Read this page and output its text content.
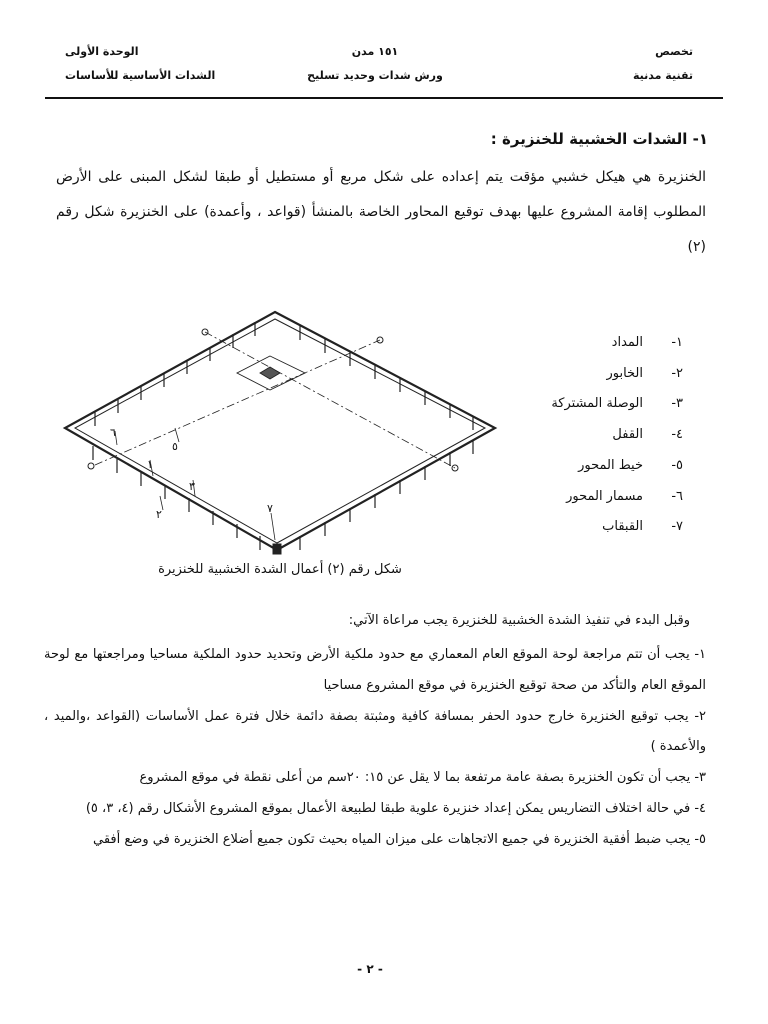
تخصص
تقنية مدنية
١٥١ مدن
ورش شدات وحديد تسليح
الوحدة الأولى
الشدات الأساسية للأساسات
١- الشدات الخشبية للخنزيرة :
الخنزيرة هي هيكل خشبي مؤقت يتم إعداده على شكل مربع أو مستطيل أو طبقا لشكل المبنى على الأرض المطلوب إقامة المشروع عليها بهدف توقيع المحاور الخاصة بالمنشأ (قواعد ، وأعمدة) على الخنزيرة شكل رقم (٢)
١
٢
٣
٥
٦
٧
١-
المداد
٢-
الخابور
٣-
الوصلة المشتركة
٤-
القفل
٥-
خيط المحور
٦-
مسمار المحور
٧-
القبقاب
شكل رقم (٢) أعمال الشدة الخشبية للخنزيرة
وقبل البدء في تنفيذ الشدة الخشبية للخنزيرة يجب مراعاة الآتي:
١- يجب أن تتم مراجعة لوحة الموقع العام المعماري مع حدود ملكية الأرض وتحديد حدود الملكية مساحيا ومراجعتها مع لوحة الموقع العام والتأكد من صحة توقيع الخنزيرة في موقع المشروع مساحيا
٢- يجب توقيع الخنزيرة خارج حدود الحفر بمسافة كافية ومثبتة بصفة دائمة خلال فترة عمل الأساسات (القواعد ،والميد ، والأعمدة )
٣- يجب أن تكون الخنزيرة بصفة عامة مرتفعة بما لا يقل عن ١٥: ٢٠سم من أعلى نقطة في موقع المشروع
٤- في حالة اختلاف التضاريس يمكن إعداد خنزيرة علوية طبقا لطبيعة الأعمال بموقع المشروع الأشكال رقم (٤، ٣، ٥)
٥- يجب ضبط أفقية الخنزيرة في جميع الاتجاهات على ميزان المياه بحيث تكون جميع أضلاع الخنزيرة في وضع أفقي
- ٢ -
